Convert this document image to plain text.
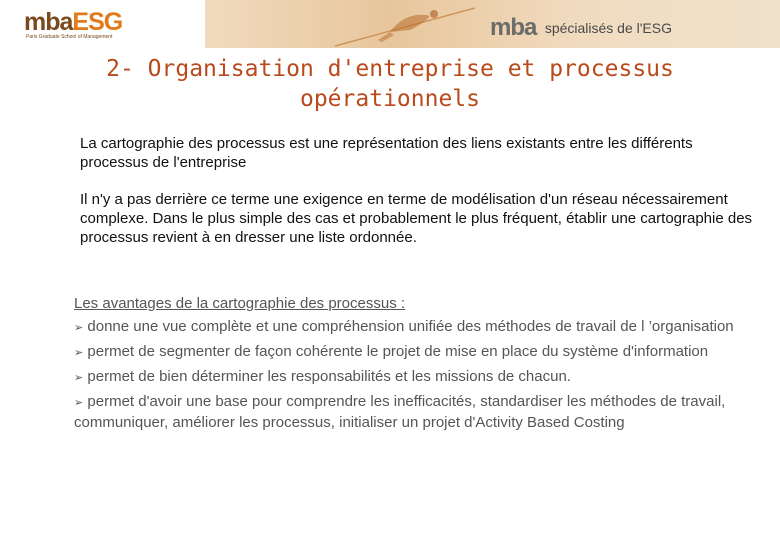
mbaESG
Paris Graduate School of Management	mba spécialisés de l'ESG
2- Organisation d'entreprise et processus
opérationnels

La cartographie des processus est une représentation des liens existants entre les différents processus de l'entreprise

Il n'y a pas derrière ce terme une exigence en terme de modélisation d'un réseau nécessairement complexe. Dans le plus simple des cas et probablement le plus fréquent, établir une cartographie des processus revient à en dresser une liste ordonnée.

Les avantages de la cartographie des processus :
➢ donne une vue complète et une compréhension unifiée des méthodes de travail de l ’organisation
➢ permet de segmenter de façon cohérente le projet de mise en place du système d'information
➢ permet de bien déterminer les responsabilités et les missions de chacun.
➢ permet d'avoir une base pour comprendre les inefficacités, standardiser les méthodes de travail, communiquer, améliorer les processus, initialiser un projet d'Activity Based Costing
